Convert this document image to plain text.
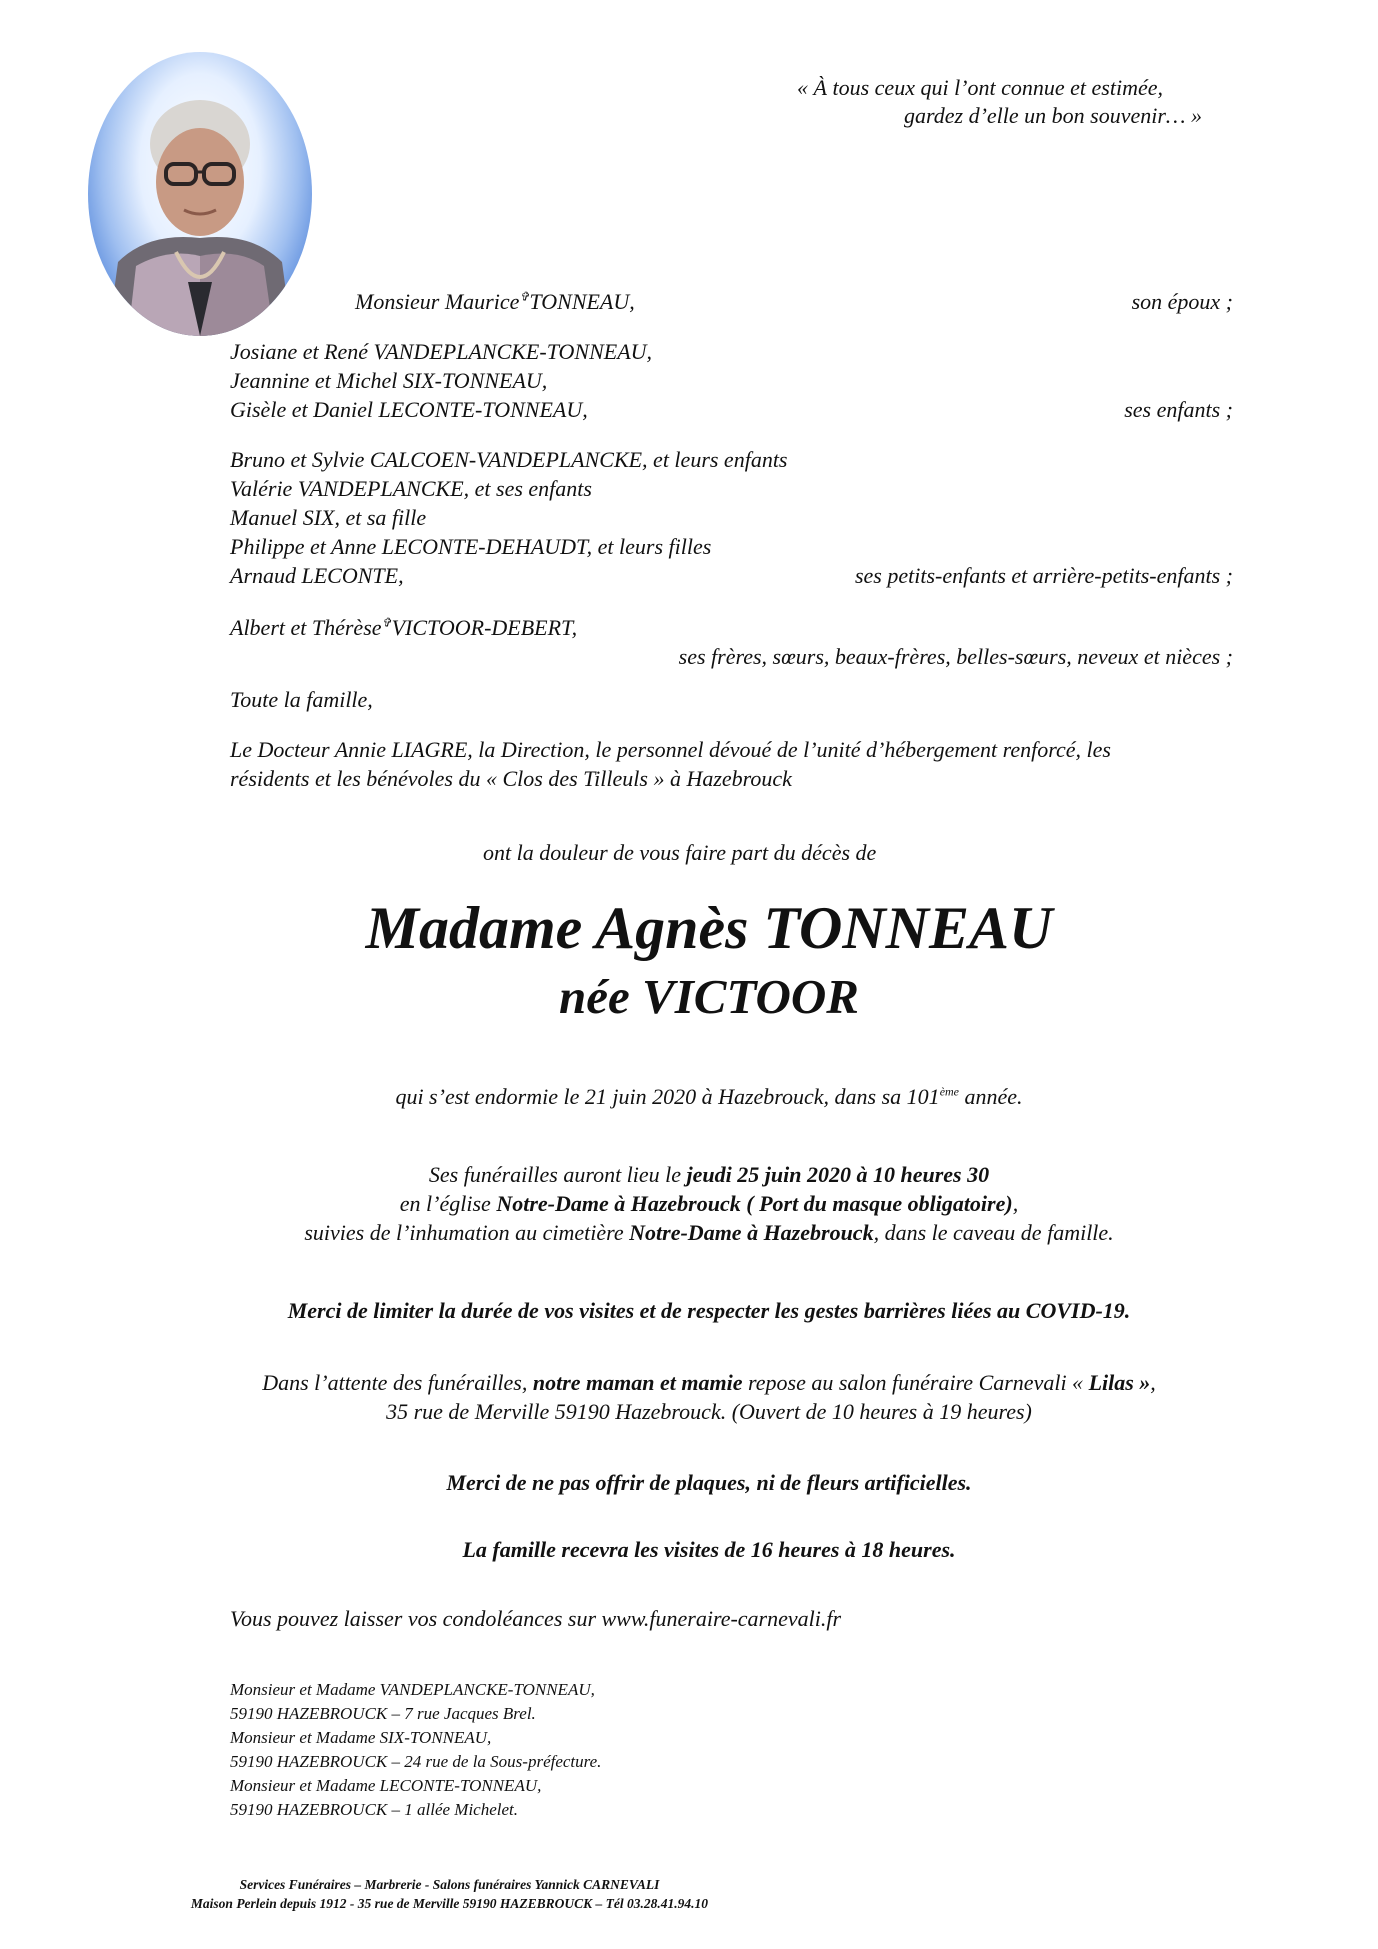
« À tous ceux qui l’ont connue et estimée,
gardez d’elle un bon souvenir… »
Monsieur Maurice✞TONNEAU,	son époux ;
Josiane et René VANDEPLANCKE-TONNEAU,
Jeannine et Michel SIX-TONNEAU,
Gisèle et Daniel LECONTE-TONNEAU,	ses enfants ;
Bruno et Sylvie CALCOEN-VANDEPLANCKE, et leurs enfants
Valérie VANDEPLANCKE, et ses enfants
Manuel SIX, et sa fille
Philippe et Anne LECONTE-DEHAUDT, et leurs filles
Arnaud LECONTE,	ses petits-enfants et arrière-petits-enfants ;
Albert et Thérèse✞VICTOOR-DEBERT,
ses frères, sœurs, beaux-frères, belles-sœurs, neveux et nièces ;
Toute la famille,
Le Docteur Annie LIAGRE, la Direction, le personnel dévoué de l’unité d’hébergement renforcé, les
résidents et les bénévoles du « Clos des Tilleuls » à Hazebrouck
ont la douleur de vous faire part du décès de
Madame Agnès TONNEAU
née VICTOOR
qui s’est endormie le 21 juin 2020 à Hazebrouck, dans sa 101ème année.
Ses funérailles auront lieu le jeudi 25 juin 2020 à 10 heures 30
en l’église Notre-Dame à Hazebrouck ( Port du masque obligatoire),
suivies de l’inhumation au cimetière Notre-Dame à Hazebrouck, dans le caveau de famille.
Merci de limiter la durée de vos visites et de respecter les gestes barrières liées au COVID-19.
Dans l’attente des funérailles, notre maman et mamie repose au salon funéraire Carnevali « Lilas »,
35 rue de Merville 59190 Hazebrouck. (Ouvert de 10 heures à 19 heures)
Merci de ne pas offrir de plaques, ni de fleurs artificielles.
La famille recevra les visites de 16 heures à 18 heures.
Vous pouvez laisser vos condoléances sur www.funeraire-carnevali.fr
Monsieur et Madame VANDEPLANCKE-TONNEAU,
59190 HAZEBROUCK – 7 rue Jacques Brel.
Monsieur et Madame SIX-TONNEAU,
59190 HAZEBROUCK – 24 rue de la Sous-préfecture.
Monsieur et Madame LECONTE-TONNEAU,
59190 HAZEBROUCK – 1 allée Michelet.
Services Funéraires – Marbrerie - Salons funéraires Yannick CARNEVALI
Maison Perlein depuis 1912 - 35 rue de Merville 59190 HAZEBROUCK – Tél 03.28.41.94.10
